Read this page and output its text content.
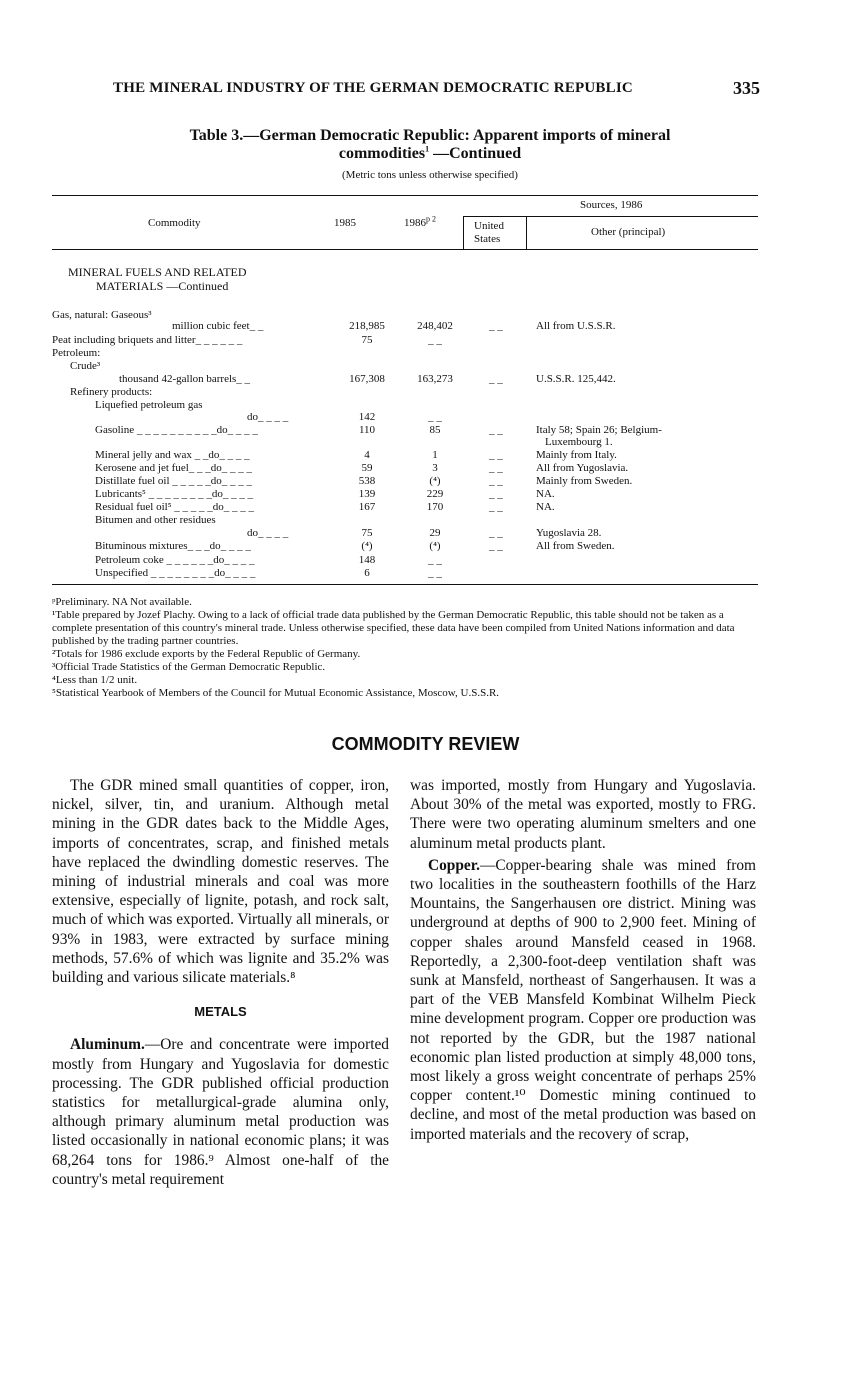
THE MINERAL INDUSTRY OF THE GERMAN DEMOCRATIC REPUBLIC	335
Table 3.—German Democratic Republic: Apparent imports of mineral
commodities$^1$ —Continued
(Metric tons unless otherwise specified)
Commodity	1985	$1986^{p 2}$
Sources, 1986
United States
Other (principal)
MINERAL FUELS AND RELATED
MATERIALS —Continued
Gas, natural: Gaseous³
million cubic feet_ _	218,985	248,402	_ _	All from U.S.S.R.
Peat including briquets and litter_ _ _ _ _ _	75	_ _
Petroleum:
Crude³
thousand 42-gallon barrels_ _	167,308	163,273	_ _	U.S.S.R. 125,442.
Refinery products:
Liquefied petroleum gas
do_ _ _ _	142	_ _
Gasoline _ _ _ _ _ _ _ _ _ _do_ _ _ _	110	85	_ _	Italy 58; Spain 26; Belgium-
Luxembourg 1.
Mineral jelly and wax _ _do_ _ _ _	4	1	_ _	Mainly from Italy.
Kerosene and jet fuel_ _ _do_ _ _ _	59	3	_ _	All from Yugoslavia.
Distillate fuel oil _ _ _ _ _do_ _ _ _	538	(⁴)	_ _	Mainly from Sweden.
Lubricants⁵ _ _ _ _ _ _ _ _do_ _ _ _	139	229	_ _	NA.
Residual fuel oil⁵ _ _ _ _ _do_ _ _ _	167	170	_ _	NA.
Bitumen and other residues
do_ _ _ _	75	29	_ _	Yugoslavia 28.
Bituminous mixtures_ _ _do_ _ _ _	(⁴)	(⁴)	_ _	All from Sweden.
Petroleum coke _ _ _ _ _ _do_ _ _ _	148	_ _
Unspecified _ _ _ _ _ _ _ _do_ _ _ _	6	_ _
ᵖPreliminary. NA Not available.
¹Table prepared by Jozef Plachy. Owing to a lack of official trade data published by the German Democratic Republic, this table should not be taken as a complete presentation of this country's mineral trade. Unless otherwise specified, these data have been compiled from United Nations information and data published by the trading partner countries.
²Totals for 1986 exclude exports by the Federal Republic of Germany.
³Official Trade Statistics of the German Democratic Republic.
⁴Less than 1/2 unit.
⁵Statistical Yearbook of Members of the Council for Mutual Economic Assistance, Moscow, U.S.S.R.
COMMODITY REVIEW

The GDR mined small quantities of copper, iron, nickel, silver, tin, and uranium. Although metal mining in the GDR dates back to the Middle Ages, imports of concentrates, scrap, and finished metals have replaced the dwindling domestic reserves. The mining of industrial minerals and coal was more extensive, especially of lignite, potash, and rock salt, much of which was exported. Virtually all minerals, or 93% in 1983, were extracted by surface mining methods, 57.6% of which was lignite and 35.2% was building and various silicate materials.⁸

METALS

Aluminum.—Ore and concentrate were imported mostly from Hungary and Yugoslavia for domestic processing. The GDR published official production statistics for metallurgical-grade alumina only, although primary aluminum metal production was listed occasionally in national economic plans; it was 68,264 tons for 1986.⁹ Almost one-half of the country's metal requirement

was imported, mostly from Hungary and Yugoslavia. About 30% of the metal was exported, mostly to FRG. There were two operating aluminum smelters and one aluminum metal products plant.

Copper.—Copper-bearing shale was mined from two localities in the southeastern foothills of the Harz Mountains, the Sangerhausen ore district. Mining was underground at depths of 900 to 2,900 feet. Mining of copper shales around Mansfeld ceased in 1968. Reportedly, a 2,300-foot-deep ventilation shaft was sunk at Mansfeld, northeast of Sangerhausen. It was a part of the VEB Mansfeld Kombinat Wilhelm Pieck mine development program. Copper ore production was not reported by the GDR, but the 1987 national economic plan listed production at simply 48,000 tons, most likely a gross weight concentrate of perhaps 25% copper content.¹⁰ Domestic mining continued to decline, and most of the metal production was based on imported materials and the recovery of scrap,
